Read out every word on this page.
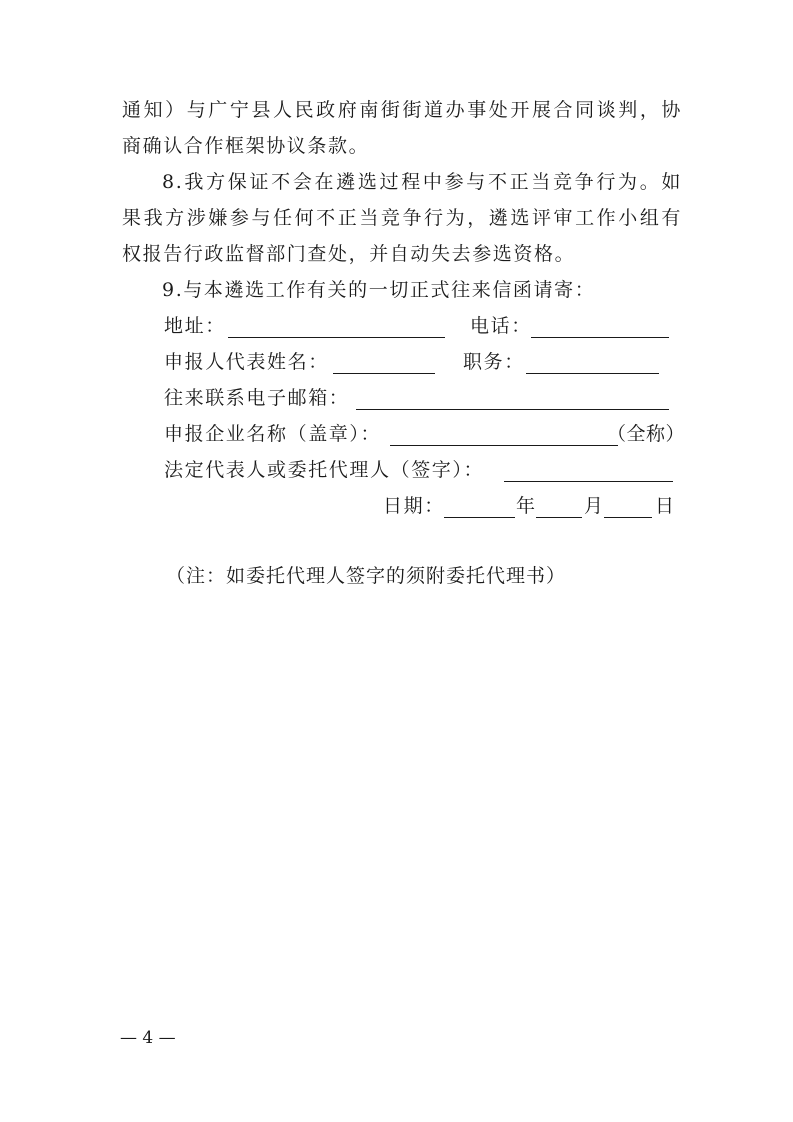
通知）与广宁县人民政府南街街道办事处开展合同谈判，协
商确认合作框架协议条款。
8.我方保证不会在遴选过程中参与不正当竞争行为。如
果我方涉嫌参与任何不正当竞争行为，遴选评审工作小组有
权报告行政监督部门查处，并自动失去参选资格。
9.与本遴选工作有关的一切正式往来信函请寄：
地址：	电话：
申报人代表姓名：	职务：
往来联系电子邮箱：
申报企业名称（盖章）：	（全称）
法定代表人或委托代理人（签字）：
日期：	年 月	日
（注：如委托代理人签字的须附委托代理书）
— 4 —
